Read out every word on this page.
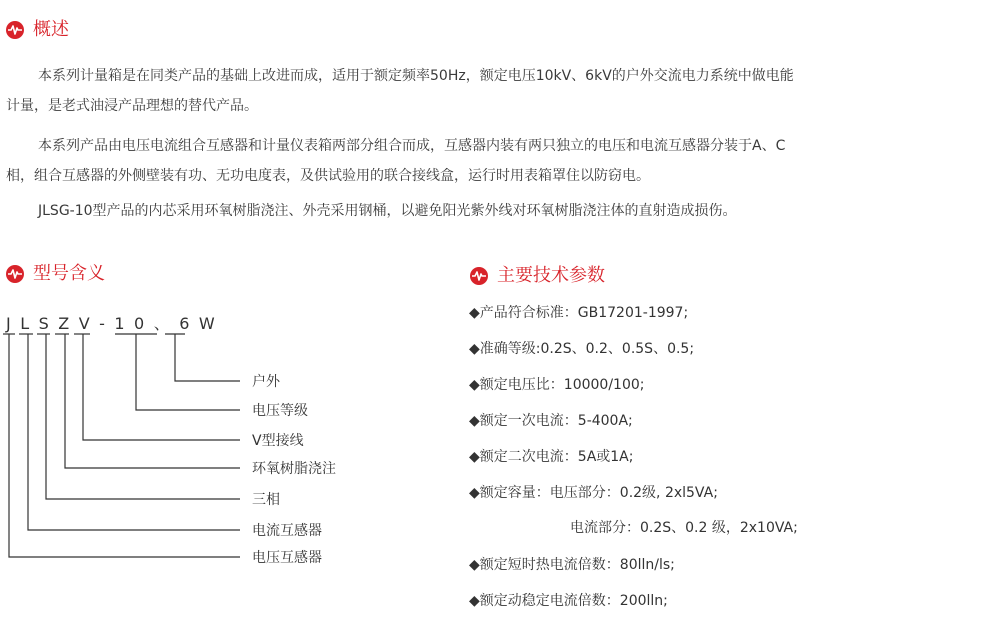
概述
本系列计量箱是在同类产品的基础上改进而成，适用于额定频率50Hz，额定电压10kV、6kV的户外交流电力系统中做电能
计量，是老式油浸产品理想的替代产品。
本系列产品由电压电流组合互感器和计量仪表箱两部分组合而成，互感器内装有两只独立的电压和电流互感器分装于A、C
相，组合互感器的外侧壁装有功、无功电度表，及供试验用的联合接线盒，运行时用表箱罩住以防窃电。
JLSG-10型产品的内芯采用环氧树脂浇注、外壳采用钢桶，以避免阳光紫外线对环氧树脂浇注体的直射造成损伤。
型号含义
J L S Z V - 1 0 、 6 W
户外
电压等级
V型接线
环氧树脂浇注
三相
电流互感器
电压互感器
主要技术参数
◆产品符合标准：GB17201-1997;
◆准确等级:0.2S、0.2、0.5S、0.5;
◆额定电压比：10000/100;
◆额定一次电流：5-400A;
◆额定二次电流：5A或1A;
◆额定容量：电压部分：0.2级, 2xl5VA;
电流部分：0.2S、0.2 级，2x10VA;
◆额定短时热电流倍数：80lln/ls;
◆额定动稳定电流倍数：200lln;
